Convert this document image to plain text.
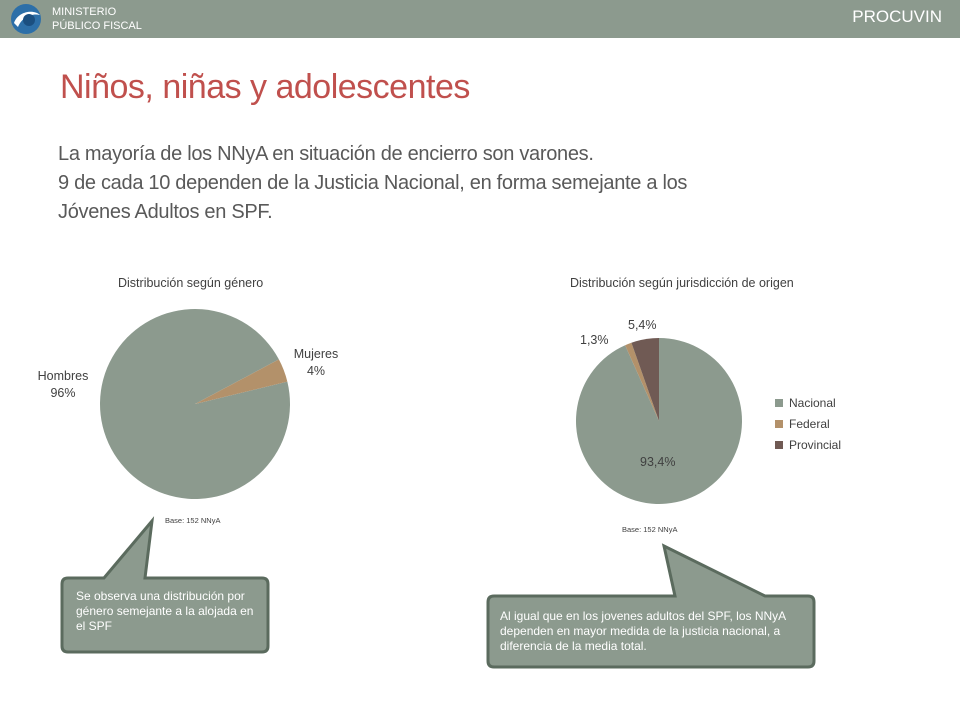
MINISTERIO
PÚBLICO FISCAL	PROCUVIN
Niños, niñas y adolescentes
La mayoría de los NNyA en situación de encierro son varones.
9 de cada 10 dependen de la Justicia Nacional, en forma semejante a los
Jóvenes Adultos en SPF.
Distribución según género
Hombres
96%
Mujeres
4%
Base: 152 NNyA
Distribución según jurisdicción de origen
1,3%
5,4%
93,4%
Base: 152 NNyA
Nacional
Federal
Provincial
Se observa una distribución por género semejante a la alojada en el SPF
Al igual que en los jovenes adultos del SPF, los NNyA dependen en mayor medida de la justicia nacional, a diferencia de la media total.
